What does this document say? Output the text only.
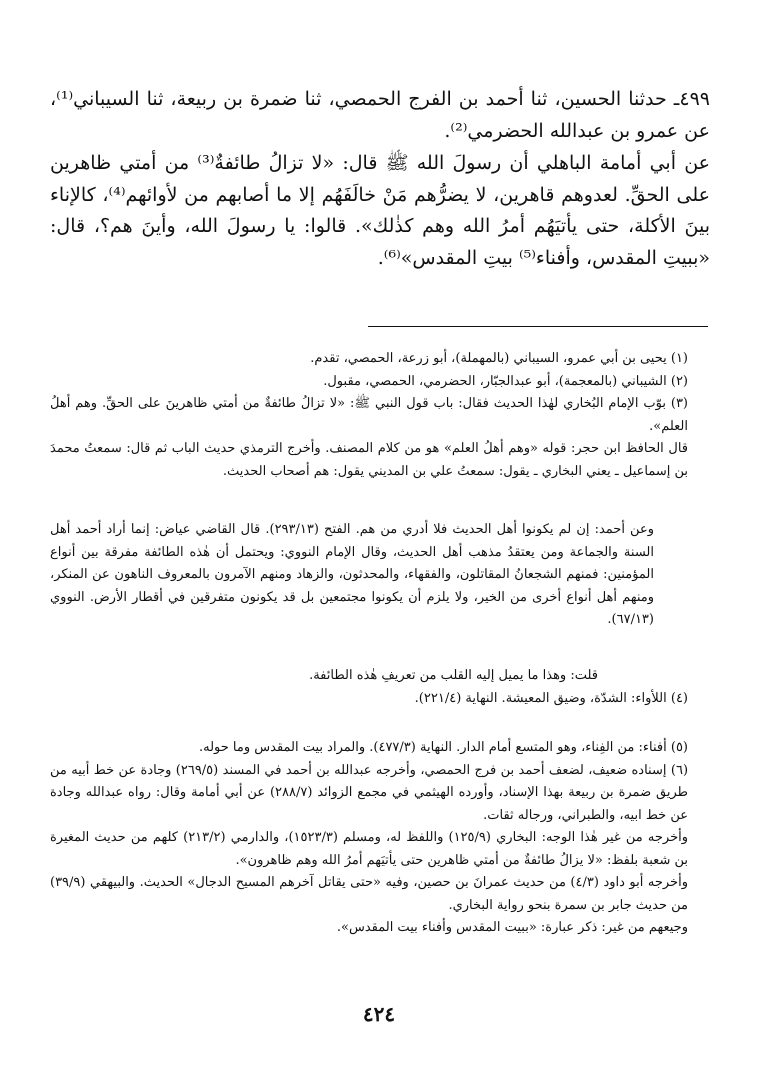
٤٩٩ـ حدثنا الحسين، ثنا أحمد بن الفرج الحمصي، ثنا ضمرة بن ربيعة، ثنا السيباني⁽¹⁾، عن عمرو بن عبدالله الحضرمي⁽²⁾.

عن أبي أمامة الباهلي أن رسولَ الله ﷺ قال: «لا تزالُ طائفةٌ⁽³⁾ من أمتي ظاهرين على الحقِّ. لعدوهم قاهرين، لا يضرُّهم مَنْ خالَفَهُم إلا ما أصابهم من لأوائهم⁽⁴⁾، كالإناء بينَ الأكلة، حتى يأتيَهُم أمرُ الله وهم كذٰلك». قالوا: يا رسولَ الله، وأينَ هم؟، قال: «ببيتِ المقدس، وأفناء⁽⁵⁾ بيتِ المقدس»⁽⁶⁾.

(١) يحيى بن أبي عمرو، السيباني (بالمهملة)، أبو زرعة، الحمصي، تقدم.

(٢) الشيباني (بالمعجمة)، أبو عبدالجبّار، الحضرمي، الحمصي، مقبول.

(٣) بوّب الإمام البُخاري لهٰذا الحديث فقال: باب قول النبي ﷺ: «لا تزالُ طائفةٌ من أمتي ظاهرينَ على الحقِّ. وهم أهلُ العلم».

قال الحافظ ابن حجر: قوله «وهم أهلُ العلم» هو من كلام المصنف. وأخرج الترمذي حديث الباب ثم قال: سمعتُ محمدَ بن إسماعيل ـ يعني البخاري ـ يقول: سمعتُ علي بن المديني يقول: هم أصحاب الحديث.

وعن أحمد: إن لم يكونوا أهل الحديث فلا أدري من هم. الفتح (٢٩٣/١٣). قال القاضي عياض: إنما أراد أحمد أهل السنة والجماعة ومن يعتقدُ مذهب أهل الحديث، وقال الإمام النووي: ويحتمل أن هٰذه الطائفة مفرقة بين أنواع المؤمنين: فمنهم الشجعانُ المقاتلون، والفقهاء، والمحدثون، والزهاد ومنهم الآمرون بالمعروف الناهون عن المنكر، ومنهم أهل أنواع أخرى من الخير، ولا يلزم أن يكونوا مجتمعين بل قد يكونون متفرقين في أقطار الأرض. النووي (٦٧/١٣).

قلت: وهذا ما يميل إليه القلب من تعريفِ هٰذه الطائفة.

(٤) اللأواء: الشدّة، وضيق المعيشة. النهاية (٢٢١/٤).

(٥) أفناء: من الفِناء، وهو المتسع أمام الدار. النهاية (٤٧٧/٣). والمراد بيت المقدس وما حوله.

(٦) إسناده ضعيف، لضعف أحمد بن فرج الحمصي، وأخرجه عبدالله بن أحمد في المسند (٢٦٩/٥) وجادة عن خط أبيه من طريق ضمرة بن ربيعة بهذا الإسناد، وأورده الهيثمي في مجمع الزوائد (٢٨٨/٧) عن أبي أمامة وقال: رواه عبدالله وجادة عن خط ابيه، والطبراني، ورجاله ثقات.

وأخرجه من غير هٰذا الوجه: البخاري (١٢٥/٩) واللفظ له، ومسلم (١٥٢٣/٣)، والدارمي (٢١٣/٢) كلهم من حديث المغيرة بن شعبة بلفظ: «لا يزالُ طائفةٌ من أمتي ظاهرين حتى يأتيَهم أمرُ الله وهم ظاهرون».

وأخرجه أبو داود (٤/٣) من حديث عمرانَ بن حصين، وفيه «حتى يقاتل آخرهم المسيح الدجال» الحديث. والبيهقي (٣٩/٩) من حديث جابر بن سمرة بنحو رواية البخاري.

وجيعهم من غير: ذكر عبارة: «ببيت المقدس وأفناء بيت المقدس».

٤٢٤
